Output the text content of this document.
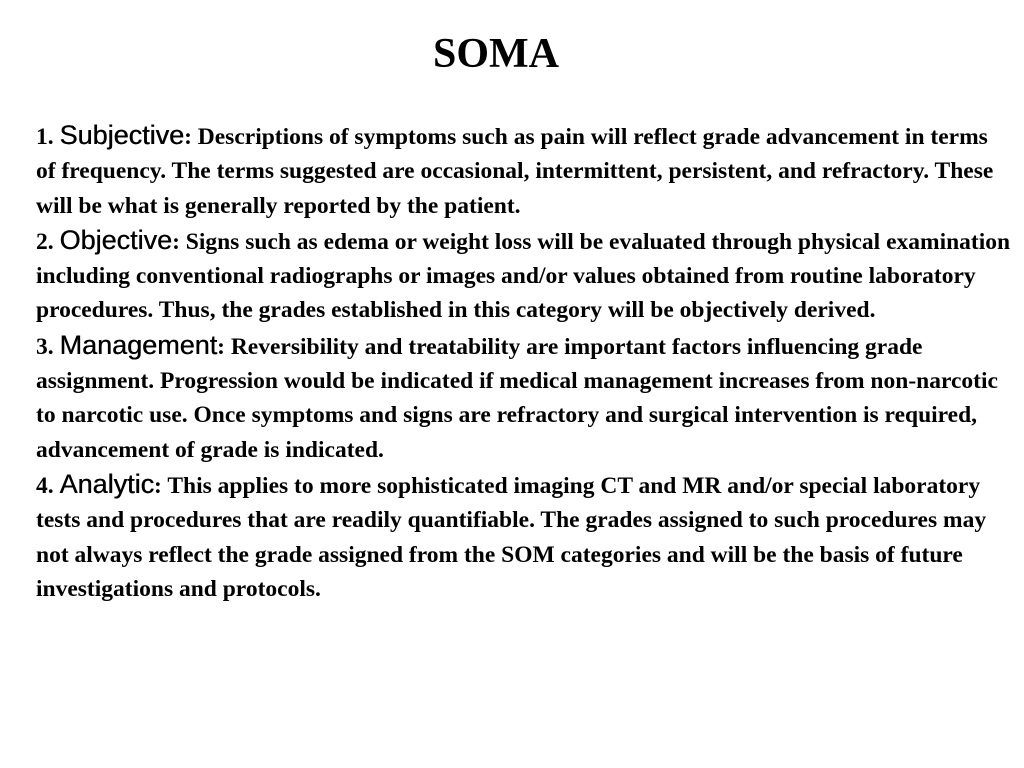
SOMA

1. Subjective: Descriptions of symptoms such as pain will reflect grade advancement in terms of frequency. The terms suggested are occasional, intermittent, persistent, and refractory. These will be what is generally reported by the patient.

2. Objective: Signs such as edema or weight loss will be evaluated through physical examination including conventional radiographs or images and/or values obtained from routine laboratory procedures. Thus, the grades established in this category will be objectively derived.

3. Management: Reversibility and treatability are important factors influencing grade assignment. Progression would be indicated if medical management increases from non-narcotic to narcotic use. Once symptoms and signs are refractory and surgical intervention is required, advancement of grade is indicated.

4. Analytic: This applies to more sophisticated imaging CT and MR and/or special laboratory tests and procedures that are readily quantifiable. The grades assigned to such procedures may not always reflect the grade assigned from the SOM categories and will be the basis of future investigations and protocols.
